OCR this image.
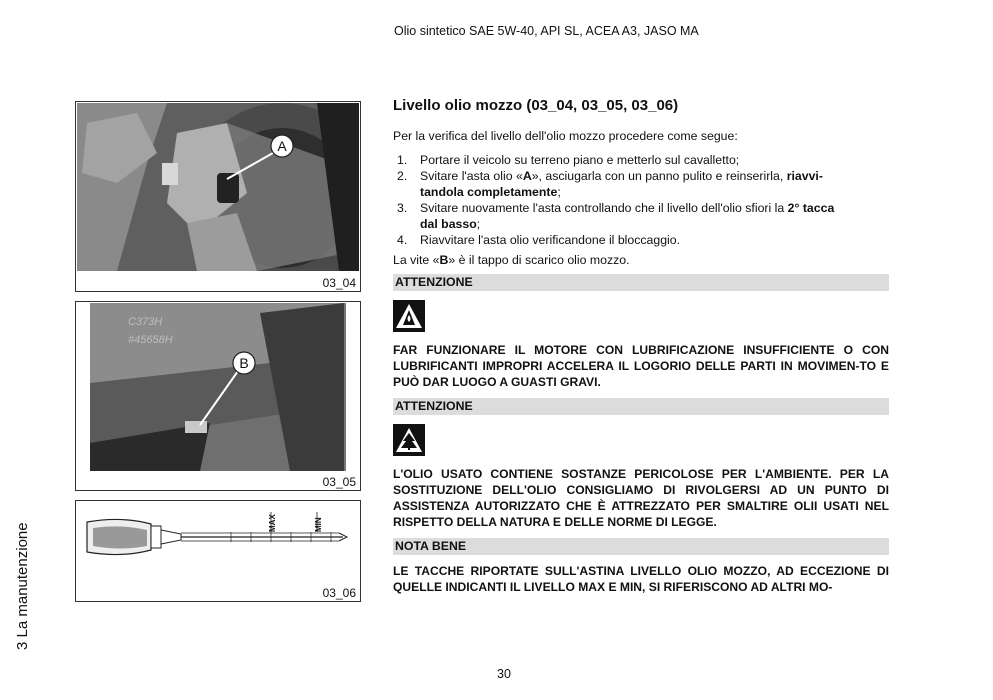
Olio sintetico SAE 5W-40, API SL, ACEA A3, JASO MA
3 La manutenzione
30
A
03_04
C373H
#45658H
B
03_05
MAX	MIN
03_06
Livello olio mozzo (03_04, 03_05, 03_06)
Per la verifica del livello dell'olio mozzo procedere come segue:
1. Portare il veicolo su terreno piano e metterlo sul cavalletto;
2. Svitare l'asta olio «A», asciugarla con un panno pulito e reinserirla, riavvi-
tandola completamente;
3. Svitare nuovamente l'asta controllando che il livello dell'olio sfiori la 2° tacca
dal basso;
4. Riavvitare l'asta olio verificandone il bloccaggio.
La vite «B» è il tappo di scarico olio mozzo.
ATTENZIONE
FAR FUNZIONARE IL MOTORE CON LUBRIFICAZIONE INSUFFICIENTE O CON LUBRIFICANTI IMPROPRI ACCELERA IL LOGORIO DELLE PARTI IN MOVIMEN-TO E PUÒ DAR LUOGO A GUASTI GRAVI.
ATTENZIONE
L'OLIO USATO CONTIENE SOSTANZE PERICOLOSE PER L'AMBIENTE. PER LA SOSTITUZIONE DELL'OLIO CONSIGLIAMO DI RIVOLGERSI AD UN PUNTO DI ASSISTENZA AUTORIZZATO CHE È ATTREZZATO PER SMALTIRE OLII USATI NEL RISPETTO DELLA NATURA E DELLE NORME DI LEGGE.
NOTA BENE
LE TACCHE RIPORTATE SULL'ASTINA LIVELLO OLIO MOZZO, AD ECCEZIONE DI QUELLE INDICANTI IL LIVELLO MAX E MIN, SI RIFERISCONO AD ALTRI MO-
